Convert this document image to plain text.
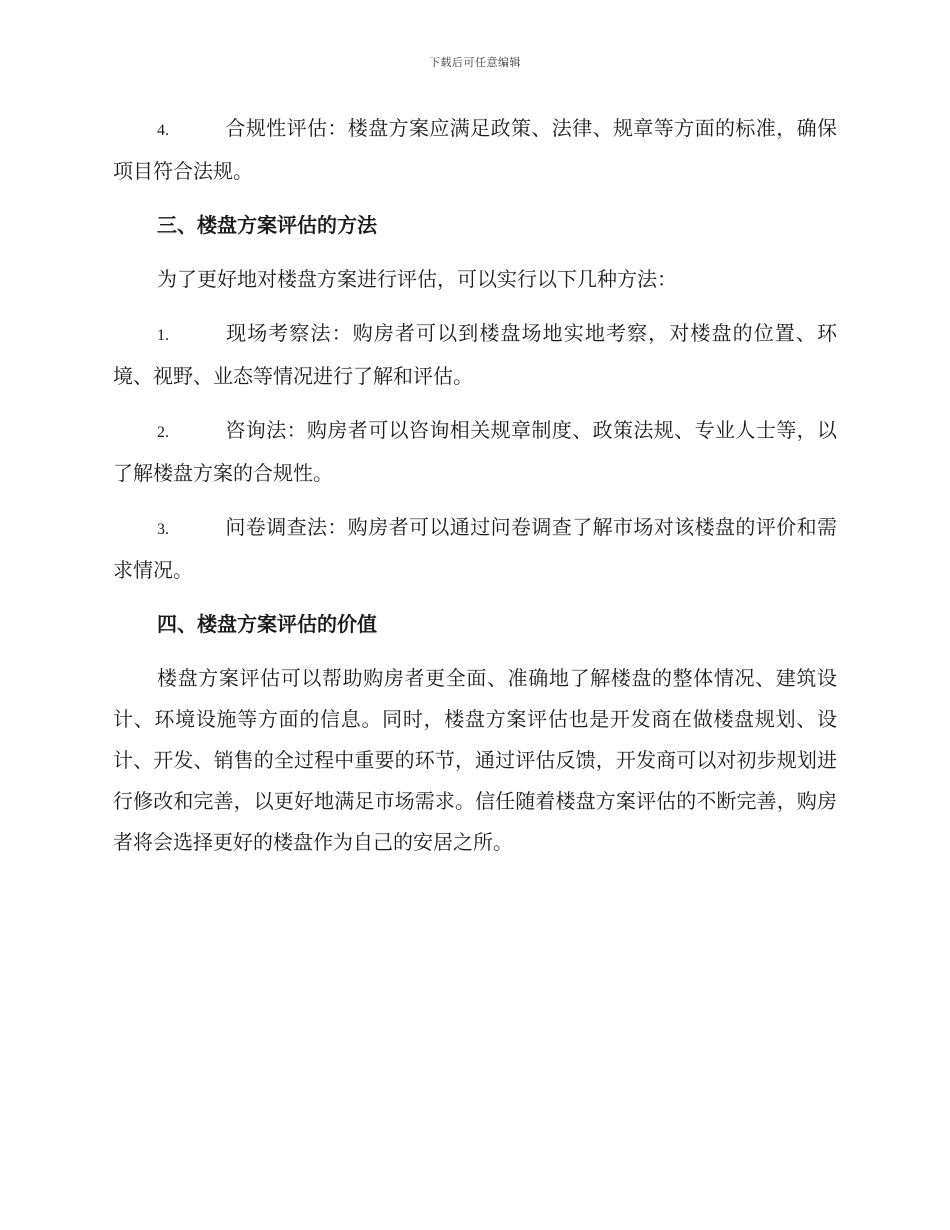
下载后可任意编辑

4.	合规性评估：楼盘方案应满足政策、法律、规章等方面的标准，确保项目符合法规。

三、楼盘方案评估的方法

为了更好地对楼盘方案进行评估，可以实行以下几种方法：

1.	现场考察法：购房者可以到楼盘场地实地考察，对楼盘的位置、环境、视野、业态等情况进行了解和评估。

2.	咨询法：购房者可以咨询相关规章制度、政策法规、专业人士等，以了解楼盘方案的合规性。

3.	问卷调查法：购房者可以通过问卷调查了解市场对该楼盘的评价和需求情况。

四、楼盘方案评估的价值

楼盘方案评估可以帮助购房者更全面、准确地了解楼盘的整体情况、建筑设计、环境设施等方面的信息。同时，楼盘方案评估也是开发商在做楼盘规划、设计、开发、销售的全过程中重要的环节，通过评估反馈，开发商可以对初步规划进行修改和完善，以更好地满足市场需求。信任随着楼盘方案评估的不断完善，购房者将会选择更好的楼盘作为自己的安居之所。
